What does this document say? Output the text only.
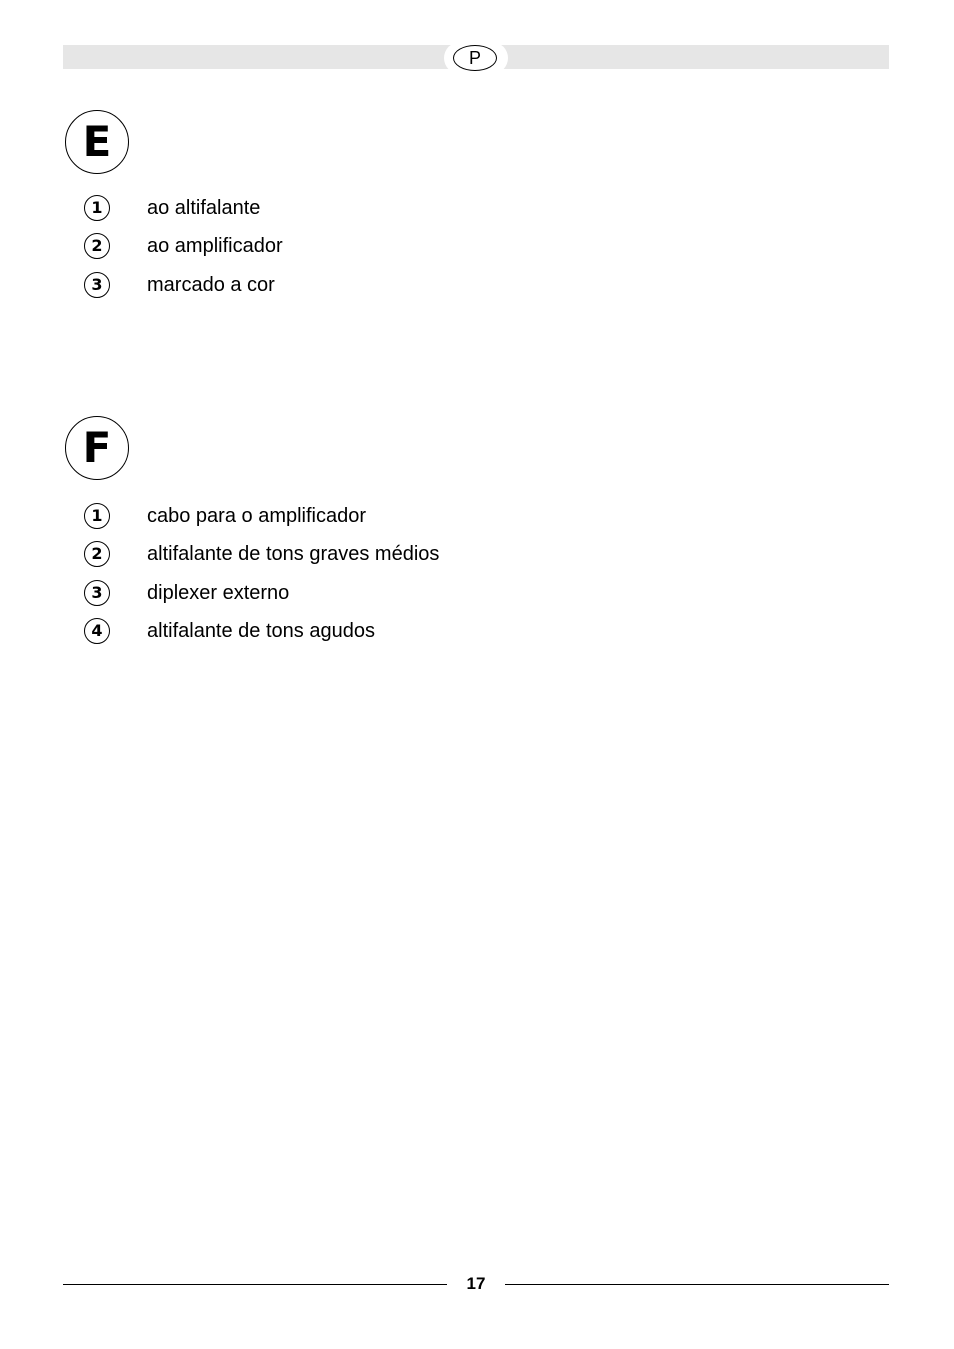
P
E
1	ao altifalante
2	ao amplificador
3	marcado a cor
F
1	cabo para o amplificador
2	altifalante de tons graves médios
3	diplexer externo
4	altifalante de tons agudos
17
